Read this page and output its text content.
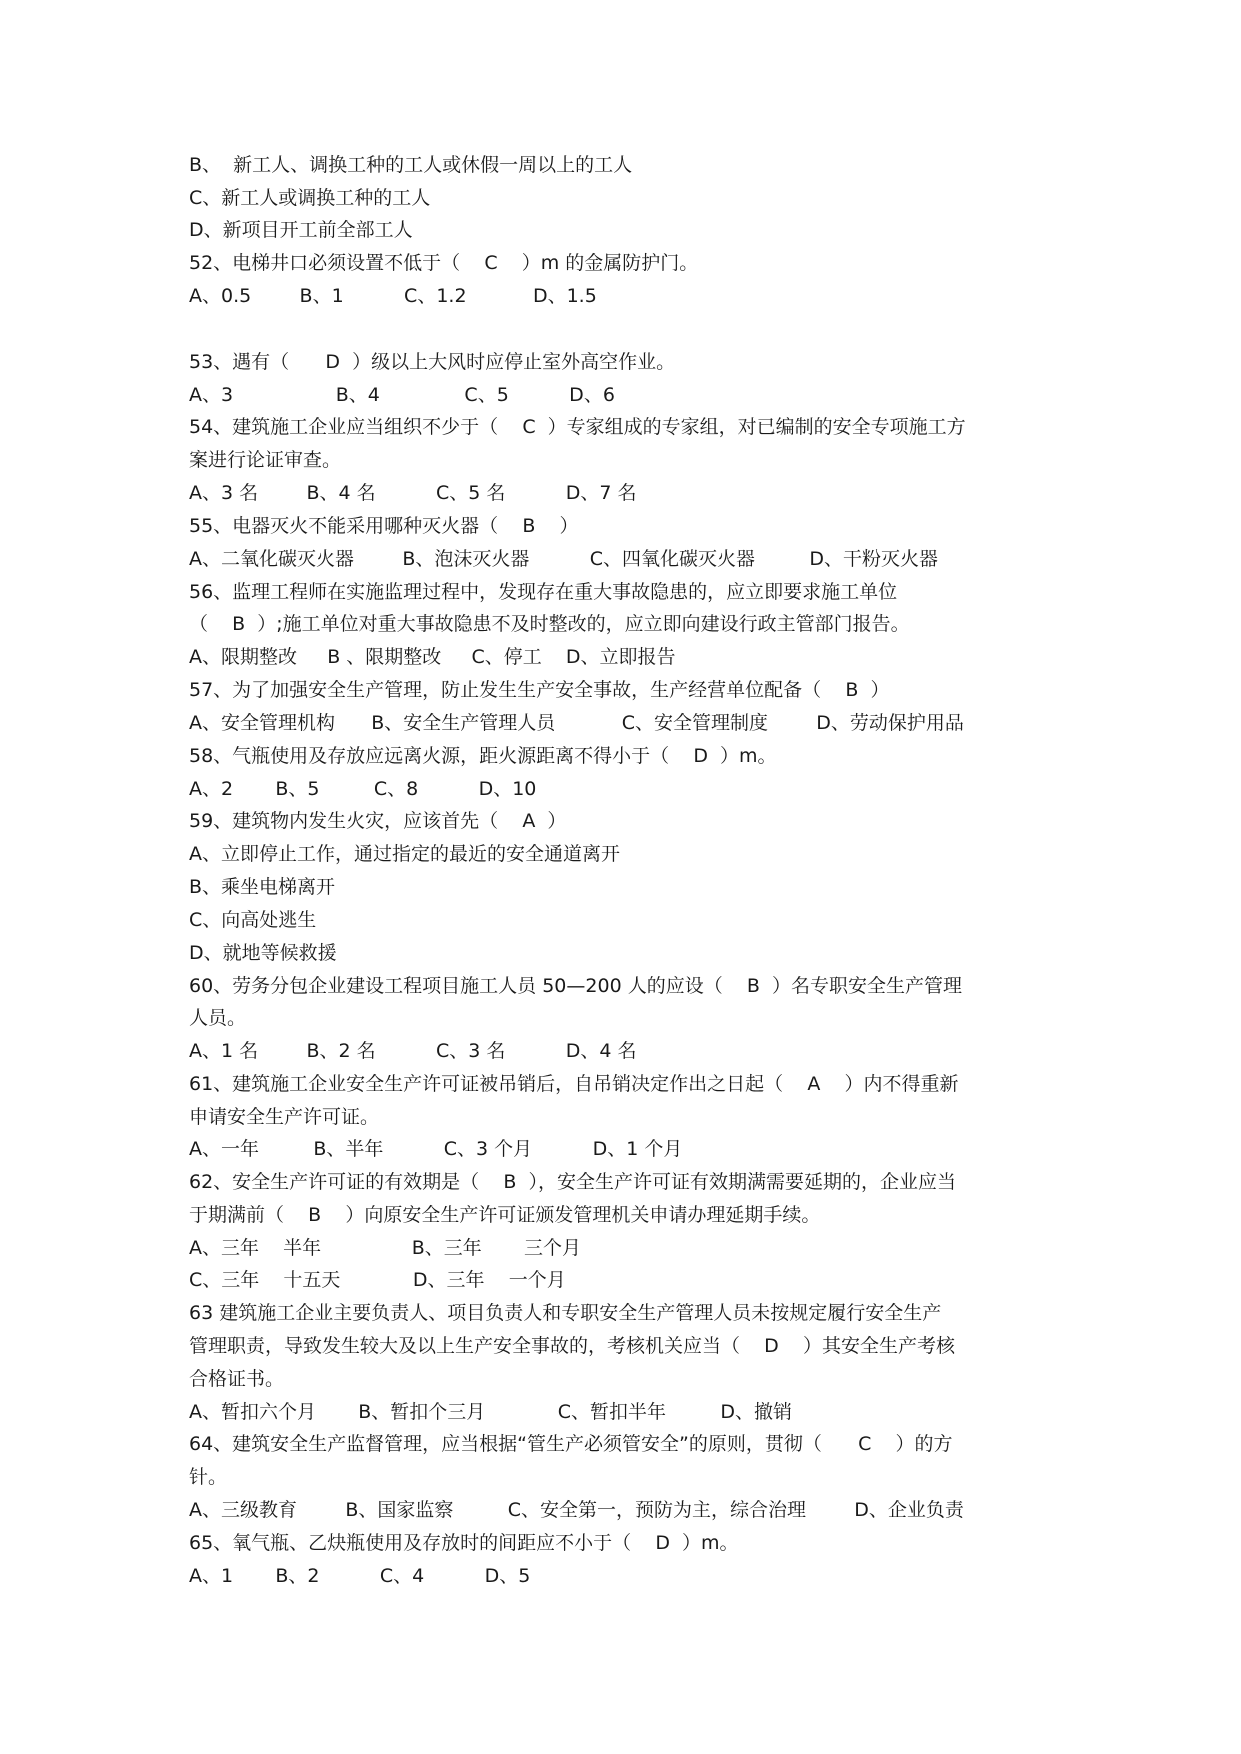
B、  新工人、调换工种的工人或休假一周以上的工人
C、新工人或调换工种的工人
D、新项目开工前全部工人
52、电梯井口必须设置不低于（    C    ）m 的金属防护门。
A、0.5        B、1          C、1.2           D、1.5
53、遇有（      D  ）级以上大风时应停止室外高空作业。
A、3                 B、4              C、5          D、6
54、建筑施工企业应当组织不少于（    C  ）专家组成的专家组，对已编制的安全专项施工方
案进行论证审查。
A、3 名        B、4 名          C、5 名          D、7 名
55、电器灭火不能采用哪种灭火器（    B    ）
A、二氧化碳灭火器        B、泡沫灭火器          C、四氧化碳灭火器         D、干粉灭火器
56、监理工程师在实施监理过程中，发现存在重大事故隐患的，应立即要求施工单位
（    B  ）;施工单位对重大事故隐患不及时整改的，应立即向建设行政主管部门报告。
A、限期整改     B 、限期整改     C、停工    D、立即报告
57、为了加强安全生产管理，防止发生生产安全事故，生产经营单位配备（    B  ）
A、安全管理机构      B、安全生产管理人员           C、安全管理制度        D、劳动保护用品
58、气瓶使用及存放应远离火源，距火源距离不得小于（    D  ）m。
A、2       B、5         C、8          D、10
59、建筑物内发生火灾，应该首先（    A  ）
A、立即停止工作，通过指定的最近的安全通道离开
B、乘坐电梯离开
C、向高处逃生
D、就地等候救援
60、劳务分包企业建设工程项目施工人员 50—200 人的应设（    B  ）名专职安全生产管理
人员。
A、1 名        B、2 名          C、3 名          D、4 名
61、建筑施工企业安全生产许可证被吊销后，自吊销决定作出之日起（    A    ）内不得重新
申请安全生产许可证。
A、一年         B、半年          C、3 个月          D、1 个月
62、安全生产许可证的有效期是（    B  ），安全生产许可证有效期满需要延期的，企业应当
于期满前（    B    ）向原安全生产许可证颁发管理机关申请办理延期手续。
A、三年    半年               B、三年       三个月
C、三年    十五天            D、三年    一个月
63 建筑施工企业主要负责人、项目负责人和专职安全生产管理人员未按规定履行安全生产
管理职责，导致发生较大及以上生产安全事故的，考核机关应当（    D    ）其安全生产考核
合格证书。
A、暂扣六个月       B、暂扣个三月            C、暂扣半年         D、撤销
64、建筑安全生产监督管理，应当根据“管生产必须管安全”的原则，贯彻（      C    ）的方
针。
A、三级教育        B、国家监察         C、安全第一，预防为主，综合治理        D、企业负责
65、氧气瓶、乙炔瓶使用及存放时的间距应不小于（    D  ）m。
A、1       B、2          C、4          D、5
